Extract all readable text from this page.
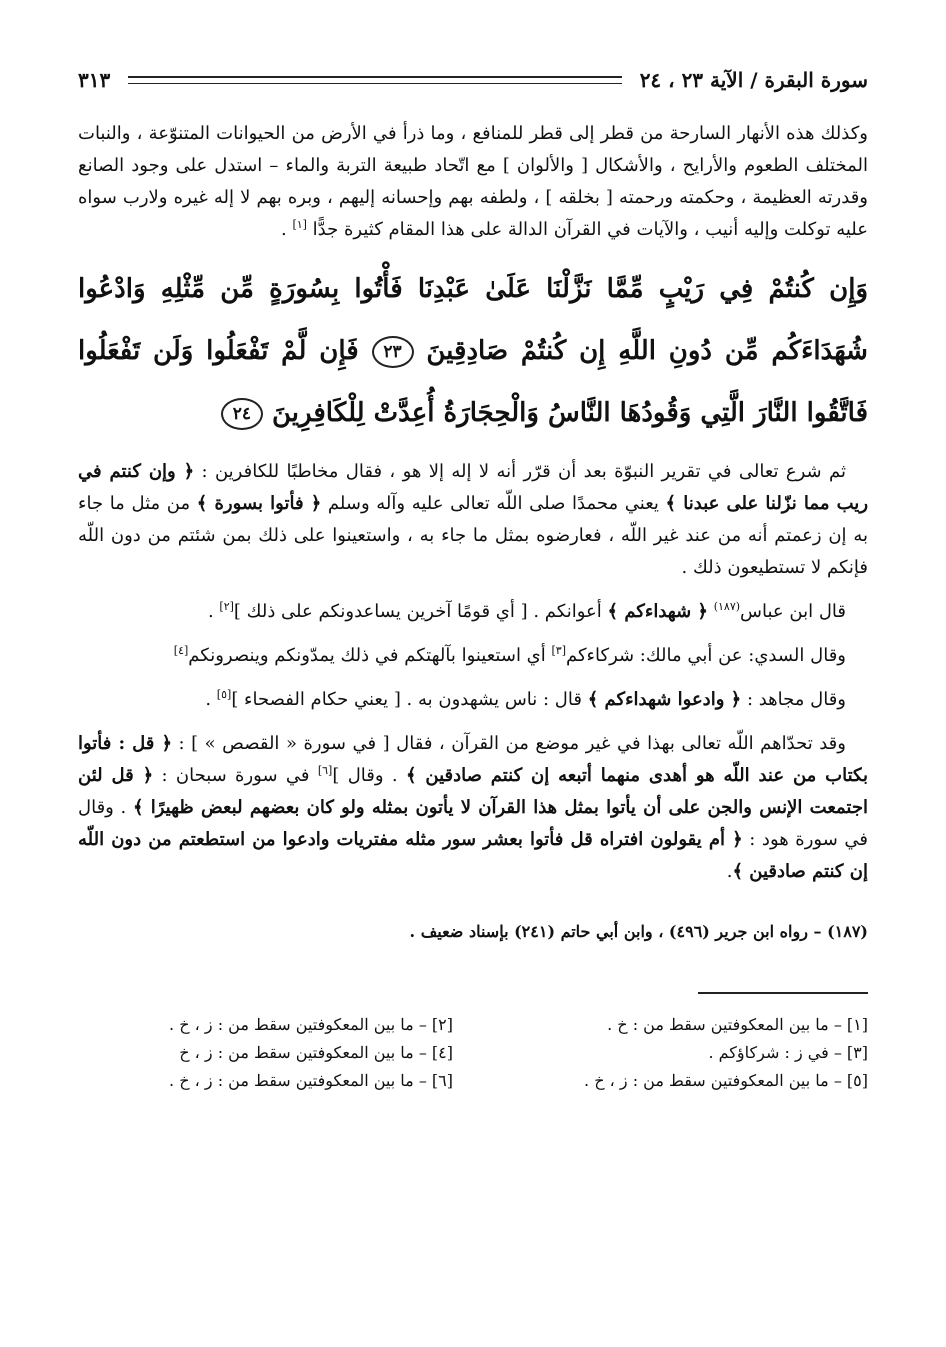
سورة البقرة / الآية ٢٣ ، ٢٤
٣١٣

وكذلك هذه الأنهار السارحة من قطر إلى قطر للمنافع ، وما ذرأ في الأرض من الحيوانات المتنوّعة ، والنبات المختلف الطعوم والأرايح ، والأشكال [ والألوان ] مع اتّحاد طبيعة التربة والماء – استدل على وجود الصانع وقدرته العظيمة ، وحكمته ورحمته [ بخلقه ] ، ولطفه بهم وإحسانه إليهم ، وبره بهم لا إله غيره ولارب سواه عليه توكلت وإليه أنيب ، والآيات في القرآن الدالة على هذا المقام كثيرة جدًّا [١] .

وَإِن كُنتُمْ فِي رَيْبٍ مِّمَّا نَزَّلْنَا عَلَىٰ عَبْدِنَا فَأْتُوا بِسُورَةٍ مِّن مِّثْلِهِ وَادْعُوا شُهَدَاءَكُم مِّن دُونِ اللَّهِ إِن كُنتُمْ صَادِقِينَ ٢٣ فَإِن لَّمْ تَفْعَلُوا وَلَن تَفْعَلُوا فَاتَّقُوا النَّارَ الَّتِي وَقُودُهَا النَّاسُ وَالْحِجَارَةُ أُعِدَّتْ لِلْكَافِرِينَ ٢٤

ثم شرع تعالى في تقرير النبوّة بعد أن قرّر أنه لا إله إلا هو ، فقال مخاطبًا للكافرين : ﴿ وإن كنتم في ريب مما نزّلنا على عبدنا ﴾ يعني محمدًا صلى اللّه تعالى عليه وآله وسلم ﴿ فأتوا بسورة ﴾ من مثل ما جاء به إن زعمتم أنه من عند غير اللّه ، فعارضوه بمثل ما جاء به ، واستعينوا على ذلك بمن شئتم من دون اللّه فإنكم لا تستطيعون ذلك .

قال ابن عباس$^{(١٨٧)}$ ﴿ شهداءكم ﴾ أعوانكم . [ أي قومًا آخرين يساعدونكم على ذلك ][٢] .

وقال السدي: عن أبي مالك: شركاءكم[٣] أي استعينوا بآلهتكم في ذلك يمدّونكم وينصرونكم[٤]

وقال مجاهد : ﴿ وادعوا شهداءكم ﴾ قال : ناس يشهدون به . [ يعني حكام الفصحاء ][٥] .

وقد تحدّاهم اللّه تعالى بهذا في غير موضع من القرآن ، فقال [ في سورة « القصص » ] : ﴿ قل : فأتوا بكتاب من عند اللّه هو أهدى منهما أتبعه إن كنتم صادقين ﴾ . وقال ][٦] في سورة سبحان : ﴿ قل لئن اجتمعت الإنس والجن على أن يأتوا بمثل هذا القرآن لا يأتون بمثله ولو كان بعضهم لبعض ظهيرًا ﴾ . وقال في سورة هود : ﴿ أم يقولون افتراه قل فأتوا بعشر سور مثله مفتريات وادعوا من استطعتم من دون اللّه إن كنتم صادقين ﴾.

(١٨٧) – رواه ابن جرير (٤٩٦) ، وابن أبي حاتم (٢٤١) بإسناد ضعيف .

[١] – ما بين المعكوفتين سقط من : خ .
[٢] – ما بين المعكوفتين سقط من : ز ، خ .
[٣] – في ز : شركاؤكم .
[٤] – ما بين المعكوفتين سقط من : ز ، خ
[٥] – ما بين المعكوفتين سقط من : ز ، خ .
[٦] – ما بين المعكوفتين سقط من : ز ، خ .
